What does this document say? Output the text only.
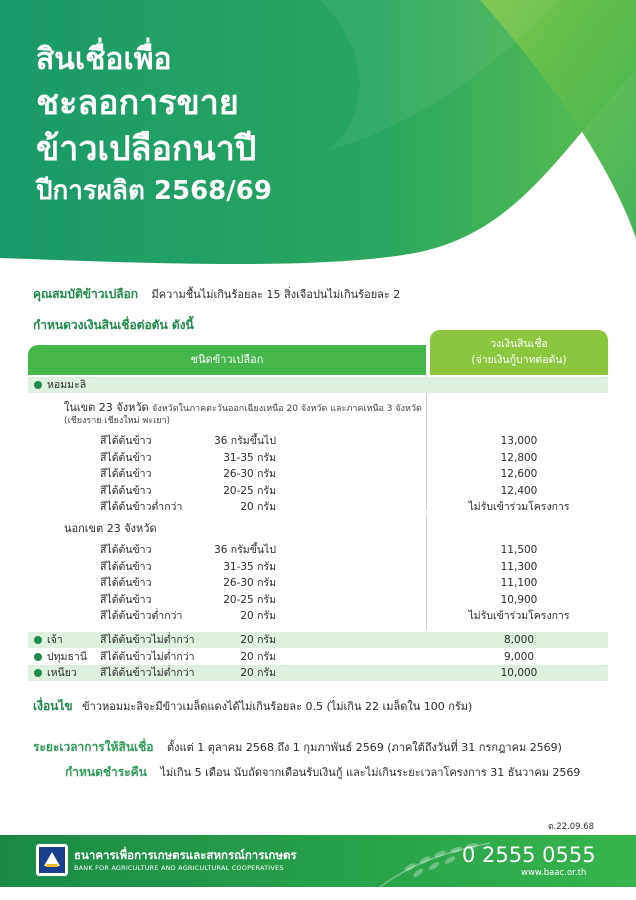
สินเชื่อเพื่อ
ชะลอการขาย
ข้าวเปลือกนาปี
ปีการผลิต 2568/69
คุณสมบัติข้าวเปลือก มีความชื้นไม่เกินร้อยละ 15 สิ่งเจือปนไม่เกินร้อยละ 2
กำหนดวงเงินสินเชื่อต่อตัน ดังนี้
ชนิดข้าวเปลือก
วงเงินสินเชื่อ
(จ่ายเงินกู้บาทต่อตัน)
หอมมะลิ
ในเขต 23 จังหวัด จังหวัดในภาคตะวันออกเฉียงเหนือ 20 จังหวัด และภาคเหนือ 3 จังหวัด
(เชียงราย เชียงใหม่ พะเยา)
นอกเขต 23 จังหวัด
สีได้ต้นข้าว	36 กรัมขึ้นไป	13,000
สีได้ต้นข้าว	31-35 กรัม	12,800
สีได้ต้นข้าว	26-30 กรัม	12,600
สีได้ต้นข้าว	20-25 กรัม	12,400
สีได้ต้นข้าวต่ำกว่า	20 กรัม	ไม่รับเข้าร่วมโครงการ
สีได้ต้นข้าว	36 กรัมขึ้นไป	11,500
สีได้ต้นข้าว	31-35 กรัม	11,300
สีได้ต้นข้าว	26-30 กรัม	11,100
สีได้ต้นข้าว	20-25 กรัม	10,900
สีได้ต้นข้าวต่ำกว่า	20 กรัม	ไม่รับเข้าร่วมโครงการ
เจ้า	สีได้ต้นข้าวไม่ต่ำกว่า	20 กรัม	8,000
ปทุมธานี สีได้ต้นข้าวไม่ต่ำกว่า	20 กรัม	9,000
เหนียว สีได้ต้นข้าวไม่ต่ำกว่า	20 กรัม	10,000
เงื่อนไข ข้าวหอมมะลิจะมีข้าวเมล็ดแดงได้ไม่เกินร้อยละ 0.5 (ไม่เกิน 22 เมล็ดใน 100 กรัม)
ระยะเวลาการให้สินเชื่อ ตั้งแต่ 1 ตุลาคม 2568 ถึง 1 กุมภาพันธ์ 2569 (ภาคใต้ถึงวันที่ 31 กรกฎาคม 2569)
กำหนดชำระคืน ไม่เกิน 5 เดือน นับถัดจากเดือนรับเงินกู้ และไม่เกินระยะเวลาโครงการ 31 ธันวาคม 2569
ต.22.09.68
ธนาคารเพื่อการเกษตรและสหกรณ์การเกษตร
BANK FOR AGRICULTURE AND AGRICULTURAL COOPERATIVES
0 2555 0555
www.baac.or.th
